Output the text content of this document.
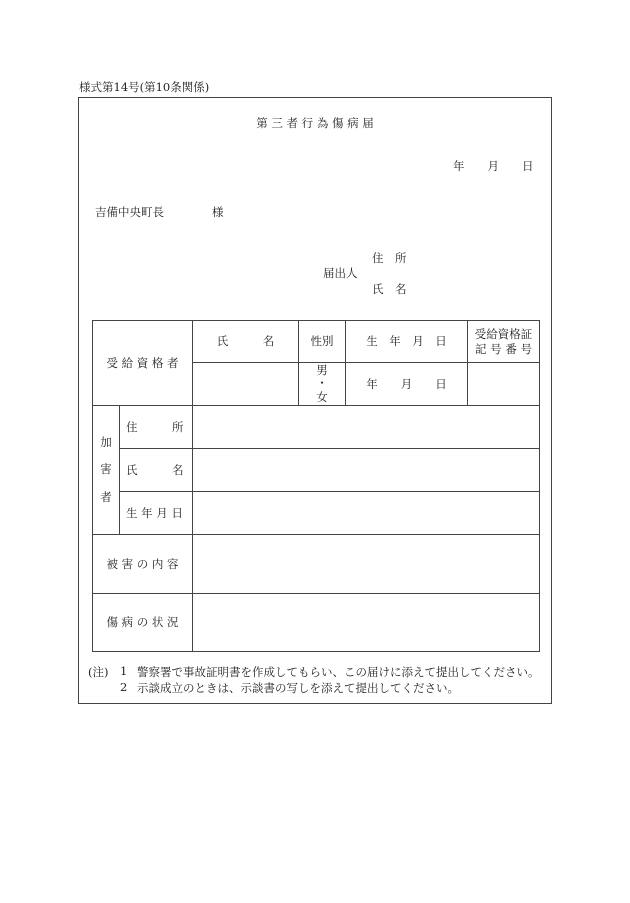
様式第14号(第10条関係)
第 三 者 行 為 傷 病 届
年　　月　　日
吉備中央町長	様
住　所
届出人
氏　名
受 給 資 格 者		氏　　　名	性別	生　年　月　日	受給資格証
記 号 番 号

			男
・
女	年　　月　　日	

加
害
者	住　　　所				
	氏　　　名				
	生 年 月 日				
被 害 の 内 容					
傷 病 の 状 況					
(注) 1 警察署で事故証明書を作成してもらい、この届けに添えて提出してください。
2 示談成立のときは、示談書の写しを添えて提出してください。
